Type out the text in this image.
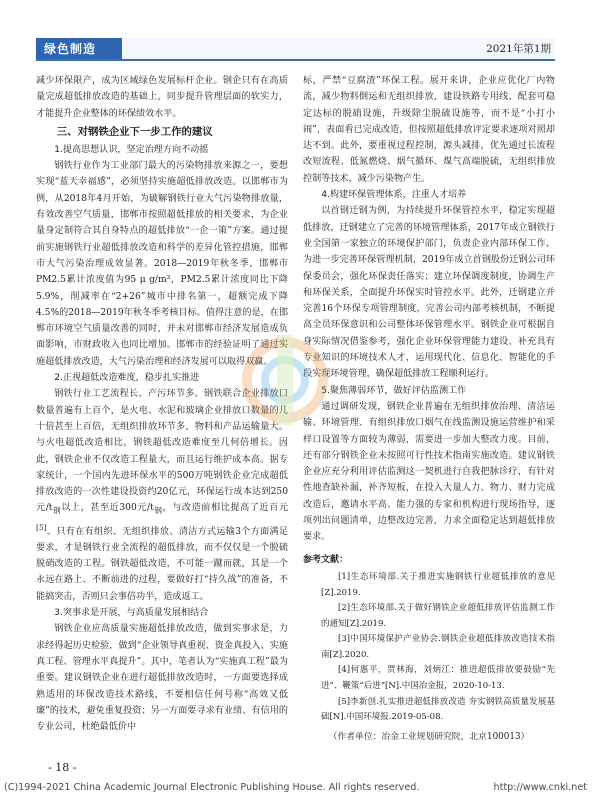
绿色制造	2021年第1期

减少环保限产，成为区域绿色发展标杆企业。钢企只有在高质量完成超低排放改造的基础上，同步提升管理层面的软实力，才能提升企业整体的环保绩效水平。

三、对钢铁企业下一步工作的建议
1.提高思想认识，坚定治理方向不动摇

钢铁行业作为工业部门最大的污染物排放来源之一，要想实现“蓝天幸福感”，必须坚持实施超低排放改造。以邯郸市为例，从2018年4月开始，为破解钢铁行业大气污染物排放量，有效改善空气质量，邯郸市按照超低排放的相关要求，为企业量身定制符合其自身特点的超低排放“一企一策”方案。通过提前实施钢铁行业超低排放改造和科学的差异化管控措施，邯郸市大气污染治理成效显著。2018—2019年秋冬季，邯郸市PM2.5累计浓度值为95 μ g/m³，PM2.5累计浓度同比下降5.9%，削减率在“2+26”城市中排名第一，超额完成下降4.5%的2018—2019年秋冬季考核目标。值得注意的是，在邯郸市环境空气质量改善的同时，并未对邯郸市经济发展造成负面影响，市财政收入也同比增加。邯郸市的经验证明了通过实施超低排放改造，大气污染治理和经济发展可以取得双赢。

2.正视超低改造难度，稳步扎实推进

钢铁行业工艺流程长、产污环节多。钢铁联合企业排放口数量普遍有上百个，是火电、水泥和玻璃企业排放口数量的几十倍甚至上百倍，无组织排放环节多，物料和产品运输量大。与火电超低改造相比，钢铁超低改造难度至几何倍增长。因此，钢铁企业不仅改造工程量大，而且运行维护成本高。据专家统计，一个国内先进环保水平的500万吨钢铁企业完成超低排放改造的一次性建设投资约20亿元，环保运行成本达到250元$/t_钢$以上，甚至近300元$/t_钢$，与改造前相比提高了近百元[5]。只有在有组织、无组织排放、清洁方式运输3个方面满足要求，才是钢铁行业全流程的超低排放，而不仅仅是一个脱硫脱硝改造的工程。钢铁超低改造，不可能一蹴而就，其是一个永远在路上、不断前进的过程，要做好打“持久战”的准备，不能搞突击，否则只会事倍功半，造成返工。

3.突事求是开展，与高质量发展相结合

钢铁企业应高质量实施超低排放改造，做到实事求是，力求经得起历史检验，做到“企业领导真重视、资金真投入、实施真工程、管理水平真提升”。其中，笔者认为“实施真工程”最为重要。建议钢铁企业在进行超低排放改造时，一方面要选择成熟适用的环保改造技术路线，不要相信任何号称“高效又低廉”的技术，避免重复投资；另一方面要寻求有业绩、有信用的专业公司，杜绝最低价中

标，严禁“豆腐渣”环保工程。展开来讲，企业应优化厂内物流，减少物料倒运和无组织排放，建设铁路专用线、配套可稳定达标的脱硝设施，升级除尘脱硫设施等，而不是“小打小闹”，表面看已完成改造，但按照超低排放评定要求逐项对照却达不到。此外，要重视过程控制，源头减排，优先通过长流程改短流程、低氮燃烧、烟气循环、煤气高端脱硫，无组织排放控制等技术，减少污染物产生。

4.构建环保管理体系，注重人才培养

以首钢迁钢为例，为持续提升环保管控水平，稳定实现超低排放，迁钢建立了完善的环境管理体系，2017年成立钢铁行业全国第一家独立的环境保护部门，负责企业内部环保工作。为进一步完善环保管理机制，2019年成立首钢股份迁钢公司环保委员会，强化环保责任落实；建立环保调度制度，协调生产和环保关系，全面提升环保实时管控水平。此外，迁钢建立并完善16个环保专项管理制度，完善公司内部考核机制，不断提高全员环保意识和公司整体环保管理水平。钢铁企业可根据自身实际情况借鉴参考，强化企业环保管理能力建设、补充具有专业知识的环境技术人才，运用现代化、信息化、智能化的手段实现环境管理，确保超低排放工程顺利运行。

5.聚焦薄弱环节，做好评估监测工作

通过调研发现，钢铁企业普遍在无组织排放治理、清洁运输、环境管理、有组织排放口烟气在线监测设施运营维护和采样口设置等方面较为薄弱，需要进一步加大整改力度。目前，还有部分钢铁企业未按照可行性技术指南实施改造。建议钢铁企业应充分利用评估监测这一契机进行自我把脉诊疗，有针对性地查缺补漏，补齐短板，在投入大量人力、物力、财力完成改造后，邀请水平高、能力强的专家和机构进行现场指导，逐项列出问题清单，边整改边完善，力求全面稳定达到超低排放要求。

参考文献：

[1]生态环境部.关于推进实施钢铁行业超低排放的意见[Z].2019.

[2]生态环境部.关于做好钢铁企业超低排放评估监测工作的通知[Z].2019.

[3]中国环境保护产业协会.钢铁企业超低排放改造技术指南[Z].2020.

[4]何惠平，贾林海，刘炳江：推进超低排放要鼓励“先进”、鞭策“后进”[N].中国冶金报，2020-10-13.

[5]李新创.扎实推进超低排放改造 夯实钢铁高质量发展基础[N].中国环境报.2019-05-08.

（作者单位：冶金工业规划研究院，北京100013）
- 18 -
(C)1994-2021 China Academic Journal Electronic Publishing House. All rights reserved.	http://www.cnki.net
